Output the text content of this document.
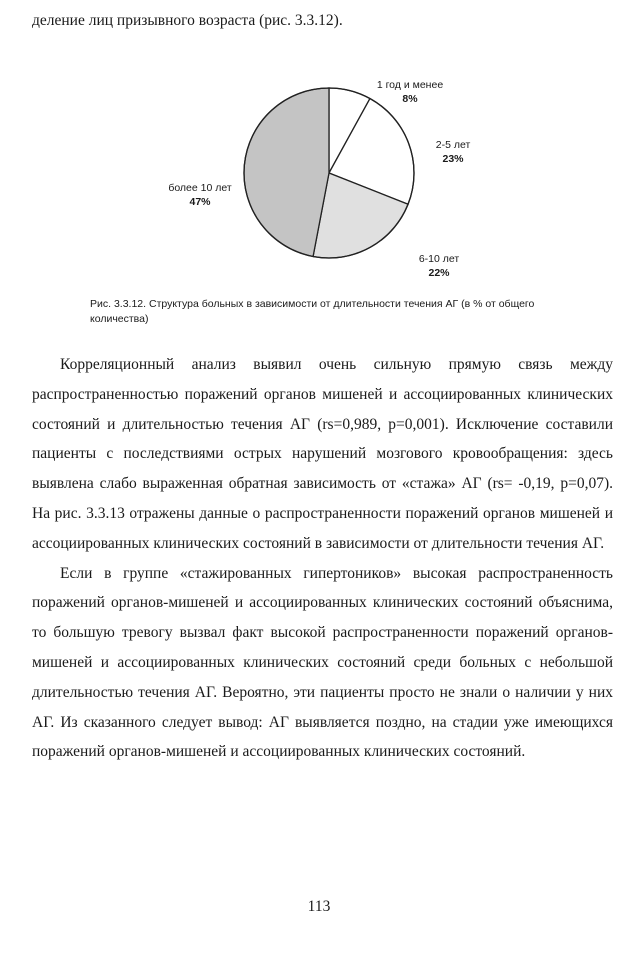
деление лиц призывного возраста (рис. 3.3.12).
1 год и менее
8%
2-5 лет
23%
6-10 лет
22%
более 10 лет
47%
Рис. 3.3.12. Структура больных в зависимости от длительности течения АГ (в % от общего количества)

Корреляционный анализ выявил очень сильную прямую связь между распространенностью поражений органов мишеней и ассоциированных клинических состояний и длительностью течения АГ (rs=0,989, p=0,001). Исключение составили пациенты с последствиями острых нарушений мозгового кровообращения: здесь выявлена слабо выраженная обратная зависимость от «стажа» АГ (rs= -0,19, p=0,07). На рис. 3.3.13 отражены данные о распространенности поражений органов мишеней и ассоциированных клинических состояний в зависимости от длительности течения АГ.

Если в группе «стажированных гипертоников» высокая распространенность поражений органов-мишеней и ассоциированных клинических состояний объяснима, то большую тревогу вызвал факт высокой распространенности поражений органов-мишеней и ассоциированных клинических состояний среди больных с небольшой длительностью течения АГ. Вероятно, эти пациенты просто не знали о наличии у них АГ. Из сказанного следует вывод: АГ выявляется поздно, на стадии уже имеющихся поражений органов-мишеней и ассоциированных клинических состояний.

113
